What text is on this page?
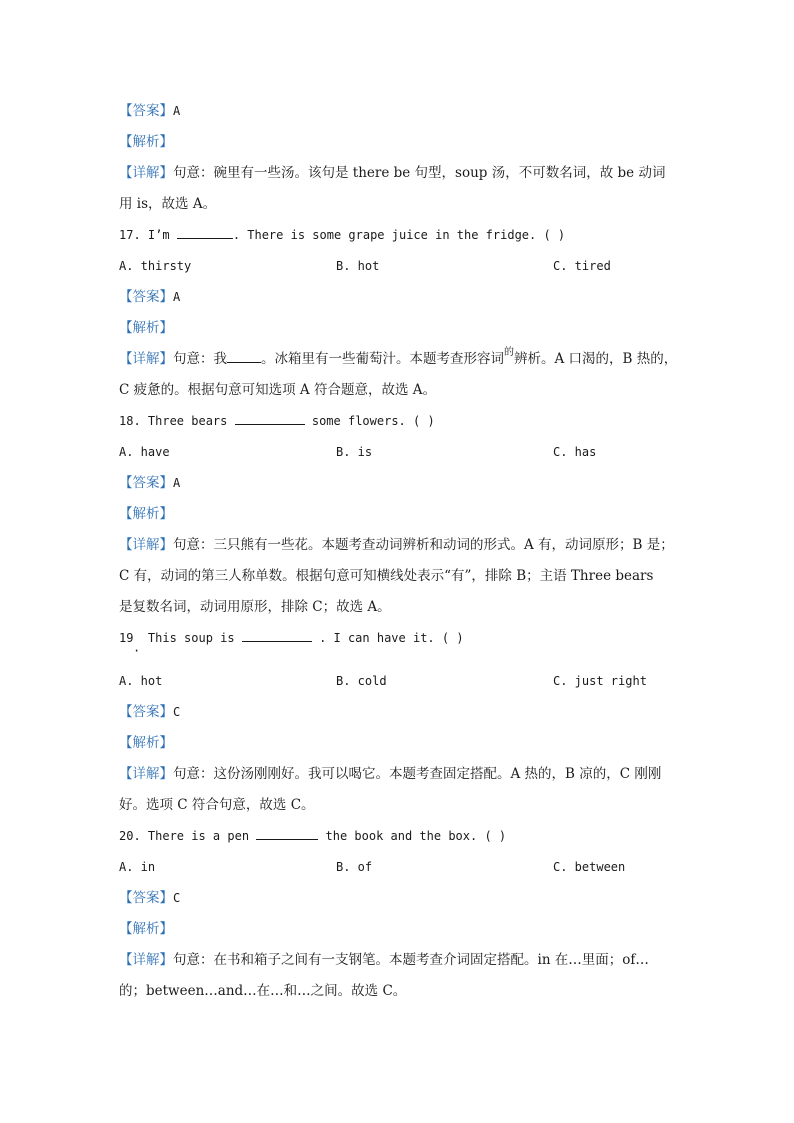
【答案】A
【解析】
【详解】句意：碗里有一些汤。该句是 there be 句型，soup 汤，不可数名词，故 be 动词
用 is，故选 A。
17. I’m	. There is some grape juice in the fridge. ( )
A. thirsty	B. hot	C. tired
【答案】A
【解析】
【详解】句意：我	。冰箱里有一些葡萄汁。本题考查形容词$^的$辨析。A 口渴的，B 热的，
C 疲惫的。根据句意可知选项 A 符合题意，故选 A。
18. Three bears	some flowers. ( )
A. have	B. is	C. has
【答案】A
【解析】
【详解】句意：三只熊有一些花。本题考查动词辨析和动词的形式。A 有，动词原形；B 是；
C 有，动词的第三人称单数。根据句意可知横线处表示“有”，排除 B；主语 Three bears
是复数名词，动词用原形，排除 C；故选 A。
19  This soup is	. I can have it. ( )
·
A. hot	B. cold	C. just right
【答案】C
【解析】
【详解】句意：这份汤刚刚好。我可以喝它。本题考查固定搭配。A 热的，B 凉的，C 刚刚
好。选项 C 符合句意，故选 C。
20. There is a pen	the book and the box. ( )
A. in	B. of	C. between
【答案】C
【解析】
【详解】句意：在书和箱子之间有一支钢笔。本题考查介词固定搭配。in 在…里面；of…
的；between…and…在…和…之间。故选 C。
